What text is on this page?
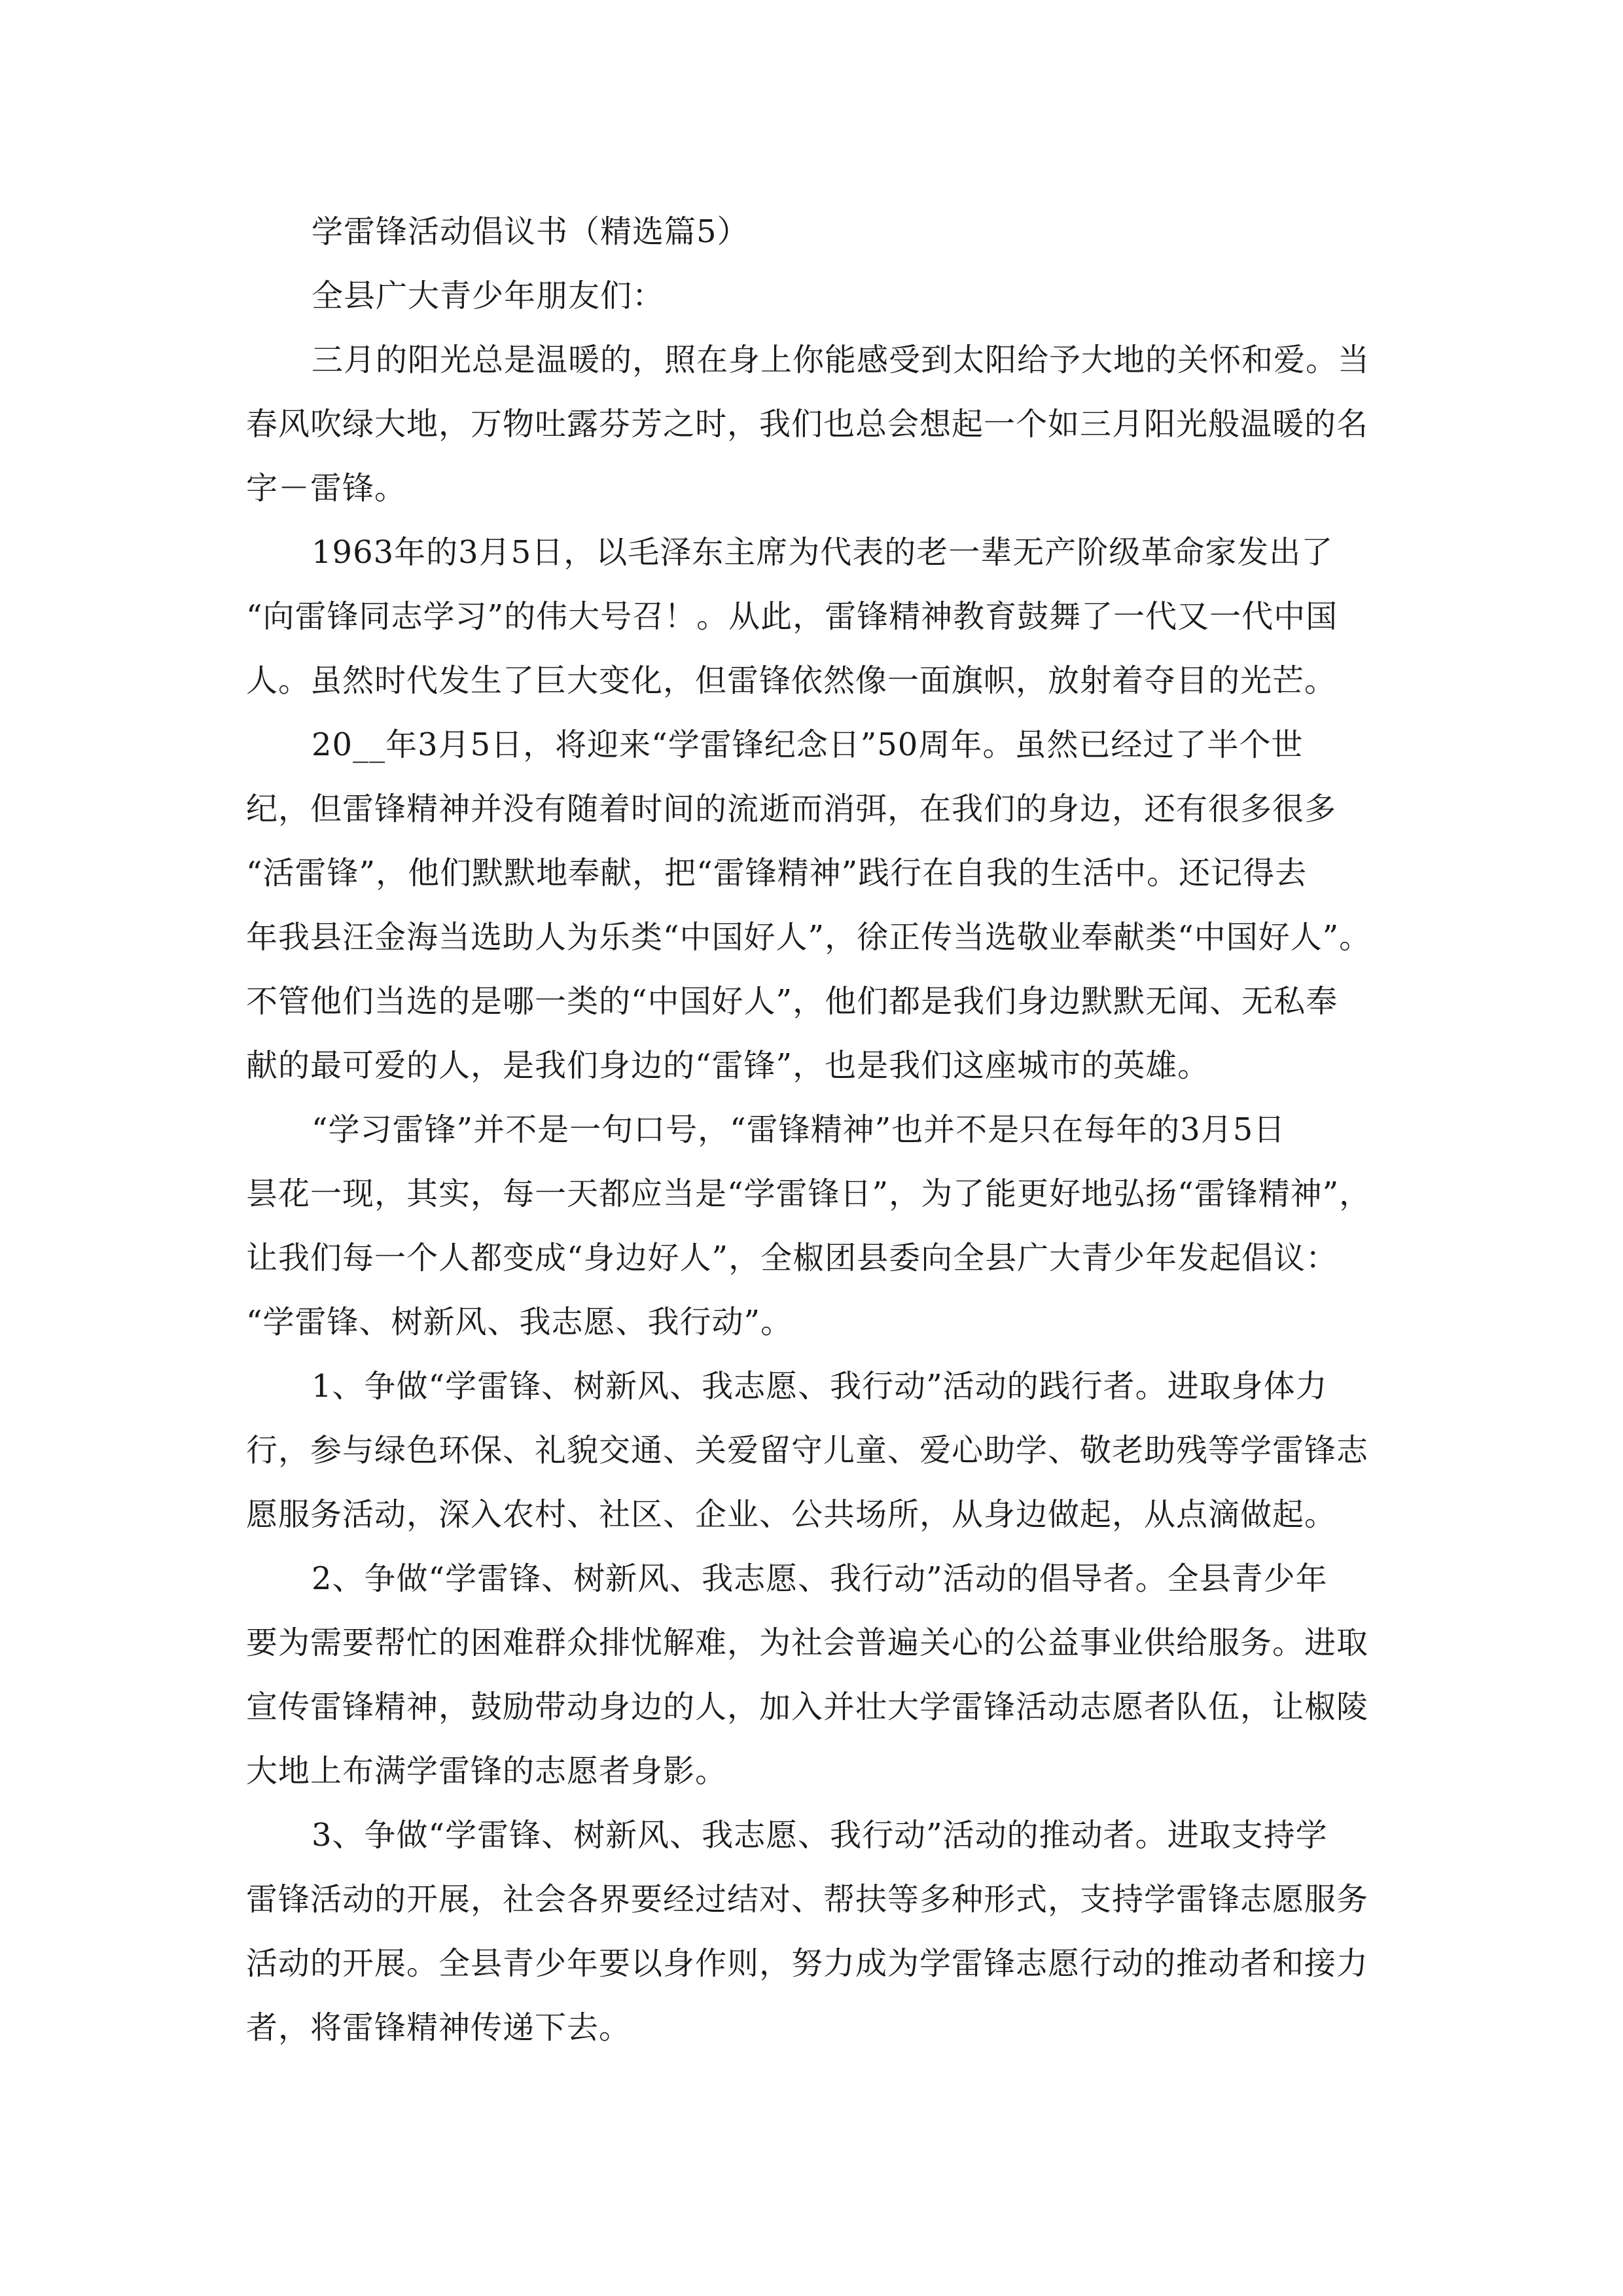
学雷锋活动倡议书（精选篇5）
全县广大青少年朋友们：
三月的阳光总是温暖的，照在身上你能感受到太阳给予大地的关怀和爱。当
春风吹绿大地，万物吐露芬芳之时，我们也总会想起一个如三月阳光般温暖的名
字－雷锋。
1963年的3月5日，以毛泽东主席为代表的老一辈无产阶级革命家发出了
“向雷锋同志学习”的伟大号召！。从此，雷锋精神教育鼓舞了一代又一代中国
人。虽然时代发生了巨大变化，但雷锋依然像一面旗帜，放射着夺目的光芒。
20__年3月5日，将迎来“学雷锋纪念日”50周年。虽然已经过了半个世
纪，但雷锋精神并没有随着时间的流逝而消弭，在我们的身边，还有很多很多
“活雷锋”，他们默默地奉献，把“雷锋精神”践行在自我的生活中。还记得去
年我县汪金海当选助人为乐类“中国好人”，徐正传当选敬业奉献类“中国好人”。
不管他们当选的是哪一类的“中国好人”，他们都是我们身边默默无闻、无私奉
献的最可爱的人，是我们身边的“雷锋”，也是我们这座城市的英雄。
“学习雷锋”并不是一句口号，“雷锋精神”也并不是只在每年的3月5日
昙花一现，其实，每一天都应当是“学雷锋日”，为了能更好地弘扬“雷锋精神”，
让我们每一个人都变成“身边好人”，全椒团县委向全县广大青少年发起倡议：
“学雷锋、树新风、我志愿、我行动”。
1、争做“学雷锋、树新风、我志愿、我行动”活动的践行者。进取身体力
行，参与绿色环保、礼貌交通、关爱留守儿童、爱心助学、敬老助残等学雷锋志
愿服务活动，深入农村、社区、企业、公共场所，从身边做起，从点滴做起。
2、争做“学雷锋、树新风、我志愿、我行动”活动的倡导者。全县青少年
要为需要帮忙的困难群众排忧解难，为社会普遍关心的公益事业供给服务。进取
宣传雷锋精神，鼓励带动身边的人，加入并壮大学雷锋活动志愿者队伍，让椒陵
大地上布满学雷锋的志愿者身影。
3、争做“学雷锋、树新风、我志愿、我行动”活动的推动者。进取支持学
雷锋活动的开展，社会各界要经过结对、帮扶等多种形式，支持学雷锋志愿服务
活动的开展。全县青少年要以身作则，努力成为学雷锋志愿行动的推动者和接力
者，将雷锋精神传递下去。
